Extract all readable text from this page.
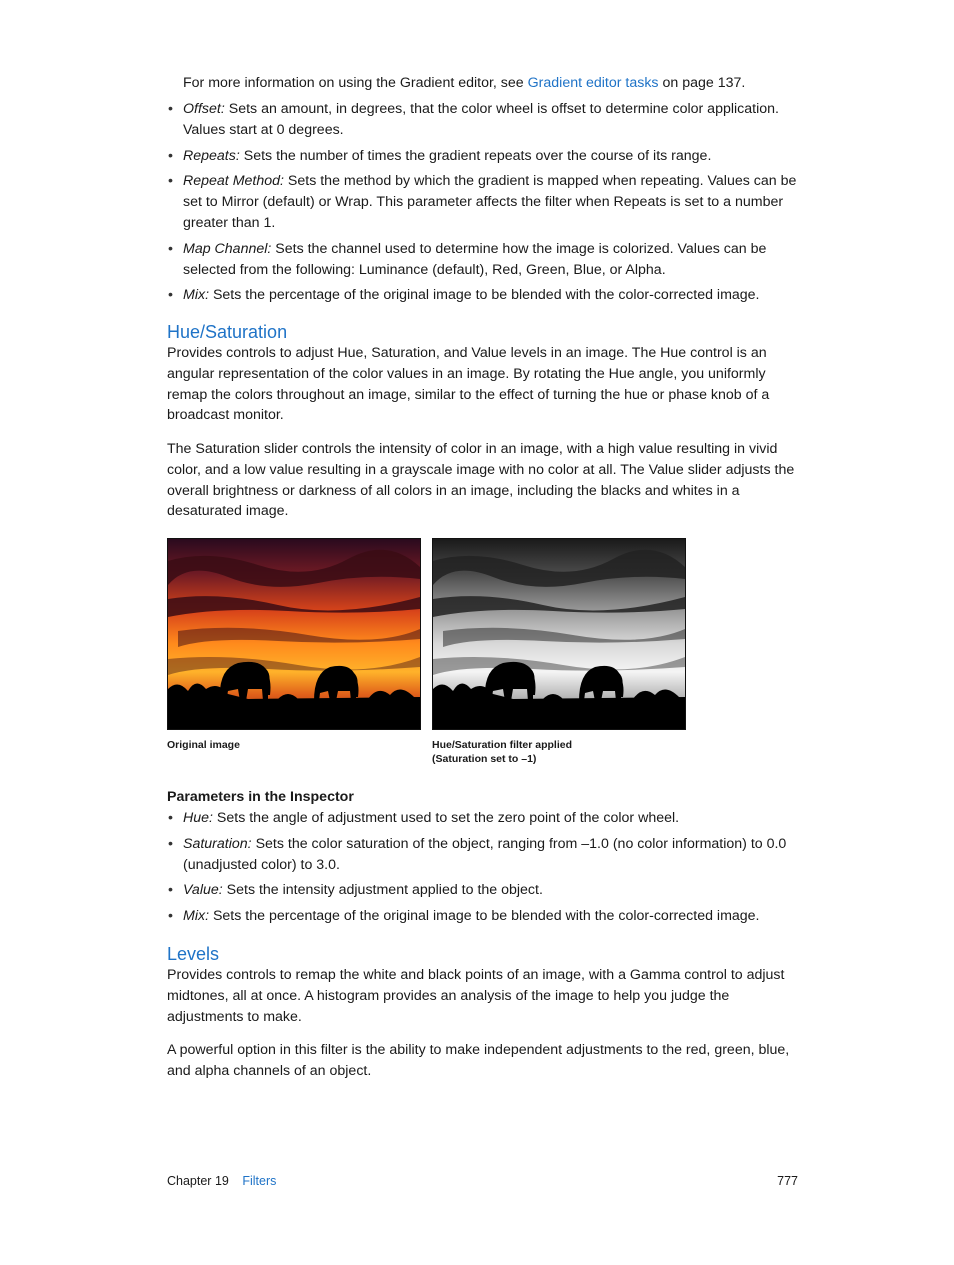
For more information on using the Gradient editor, see Gradient editor tasks on page 137.
• Offset: Sets an amount, in degrees, that the color wheel is offset to determine color application. Values start at 0 degrees.
• Repeats: Sets the number of times the gradient repeats over the course of its range.
• Repeat Method: Sets the method by which the gradient is mapped when repeating. Values can be set to Mirror (default) or Wrap. This parameter affects the filter when Repeats is set to a number greater than 1.
• Map Channel: Sets the channel used to determine how the image is colorized. Values can be selected from the following: Luminance (default), Red, Green, Blue, or Alpha.
• Mix: Sets the percentage of the original image to be blended with the color-corrected image.
Hue/Saturation

Provides controls to adjust Hue, Saturation, and Value levels in an image. The Hue control is an angular representation of the color values in an image. By rotating the Hue angle, you uniformly remap the colors throughout an image, similar to the effect of turning the hue or phase knob of a broadcast monitor.

The Saturation slider controls the intensity of color in an image, with a high value resulting in vivid color, and a low value resulting in a grayscale image with no color at all. The Value slider adjusts the overall brightness or darkness of all colors in an image, including the blacks and whites in a desaturated image.

Original image	Hue/Saturation filter applied
(Saturation set to –1)
Parameters in the Inspector
• Hue: Sets the angle of adjustment used to set the zero point of the color wheel.
• Saturation: Sets the color saturation of the object, ranging from –1.0 (no color information) to 0.0 (unadjusted color) to 3.0.
• Value: Sets the intensity adjustment applied to the object.
• Mix: Sets the percentage of the original image to be blended with the color-corrected image.
Levels

Provides controls to remap the white and black points of an image, with a Gamma control to adjust midtones, all at once. A histogram provides an analysis of the image to help you judge the adjustments to make.

A powerful option in this filter is the ability to make independent adjustments to the red, green, blue, and alpha channels of an object.

Chapter 19 Filters	777
